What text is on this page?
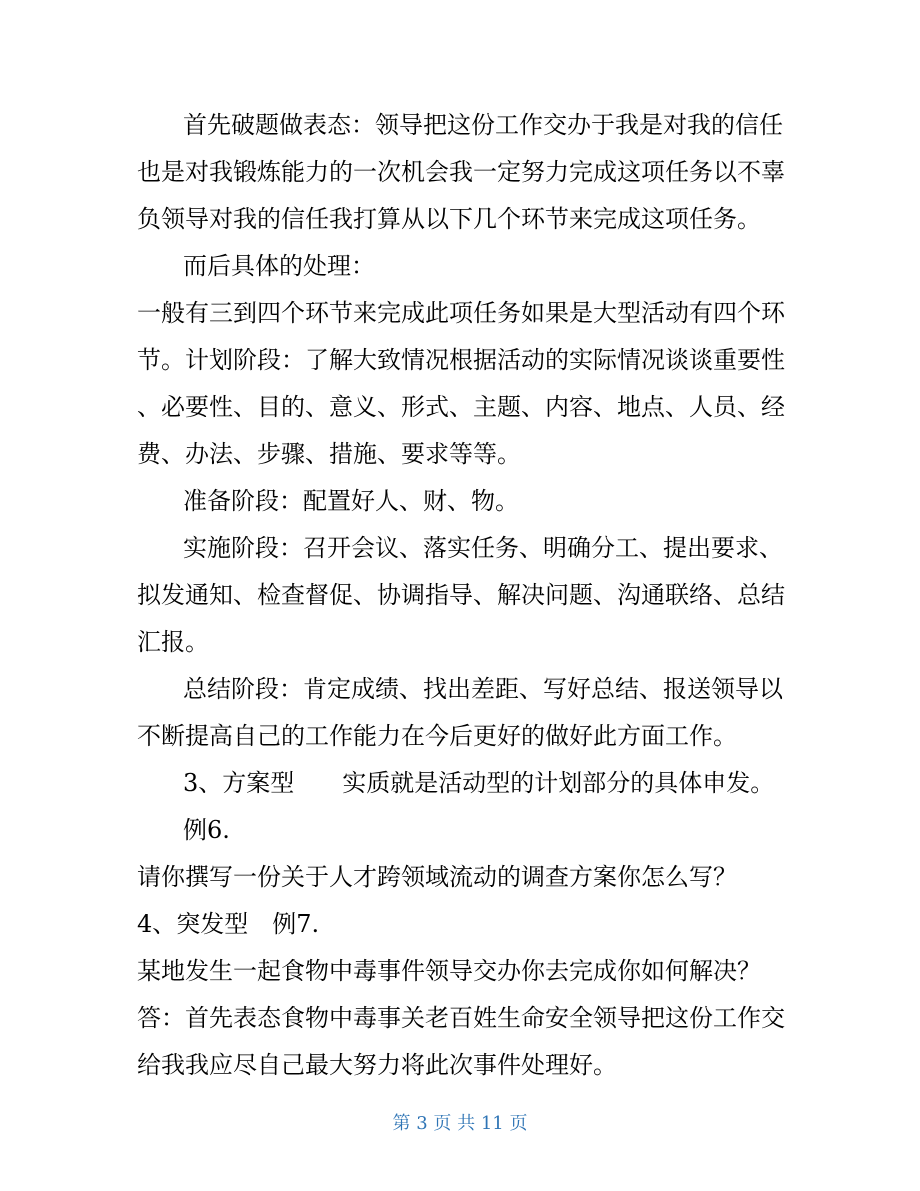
首先破题做表态：领导把这份工作交办于我是对我的信任
也是对我锻炼能力的一次机会我一定努力完成这项任务以不辜
负领导对我的信任我打算从以下几个环节来完成这项任务。
而后具体的处理：
一般有三到四个环节来完成此项任务如果是大型活动有四个环
节。计划阶段：了解大致情况根据活动的实际情况谈谈重要性
、必要性、目的、意义、形式、主题、内容、地点、人员、经
费、办法、步骤、措施、要求等等。
准备阶段：配置好人、财、物。
实施阶段：召开会议、落实任务、明确分工、提出要求、
拟发通知、检查督促、协调指导、解决问题、沟通联络、总结
汇报。
总结阶段：肯定成绩、找出差距、写好总结、报送领导以
不断提高自己的工作能力在今后更好的做好此方面工作。
3、方案型　　实质就是活动型的计划部分的具体申发。
例6.
请你撰写一份关于人才跨领域流动的调查方案你怎么写？
4、突发型　例7.
某地发生一起食物中毒事件领导交办你去完成你如何解决？
答：首先表态食物中毒事关老百姓生命安全领导把这份工作交
给我我应尽自己最大努力将此次事件处理好。
第 3 页 共 11 页
